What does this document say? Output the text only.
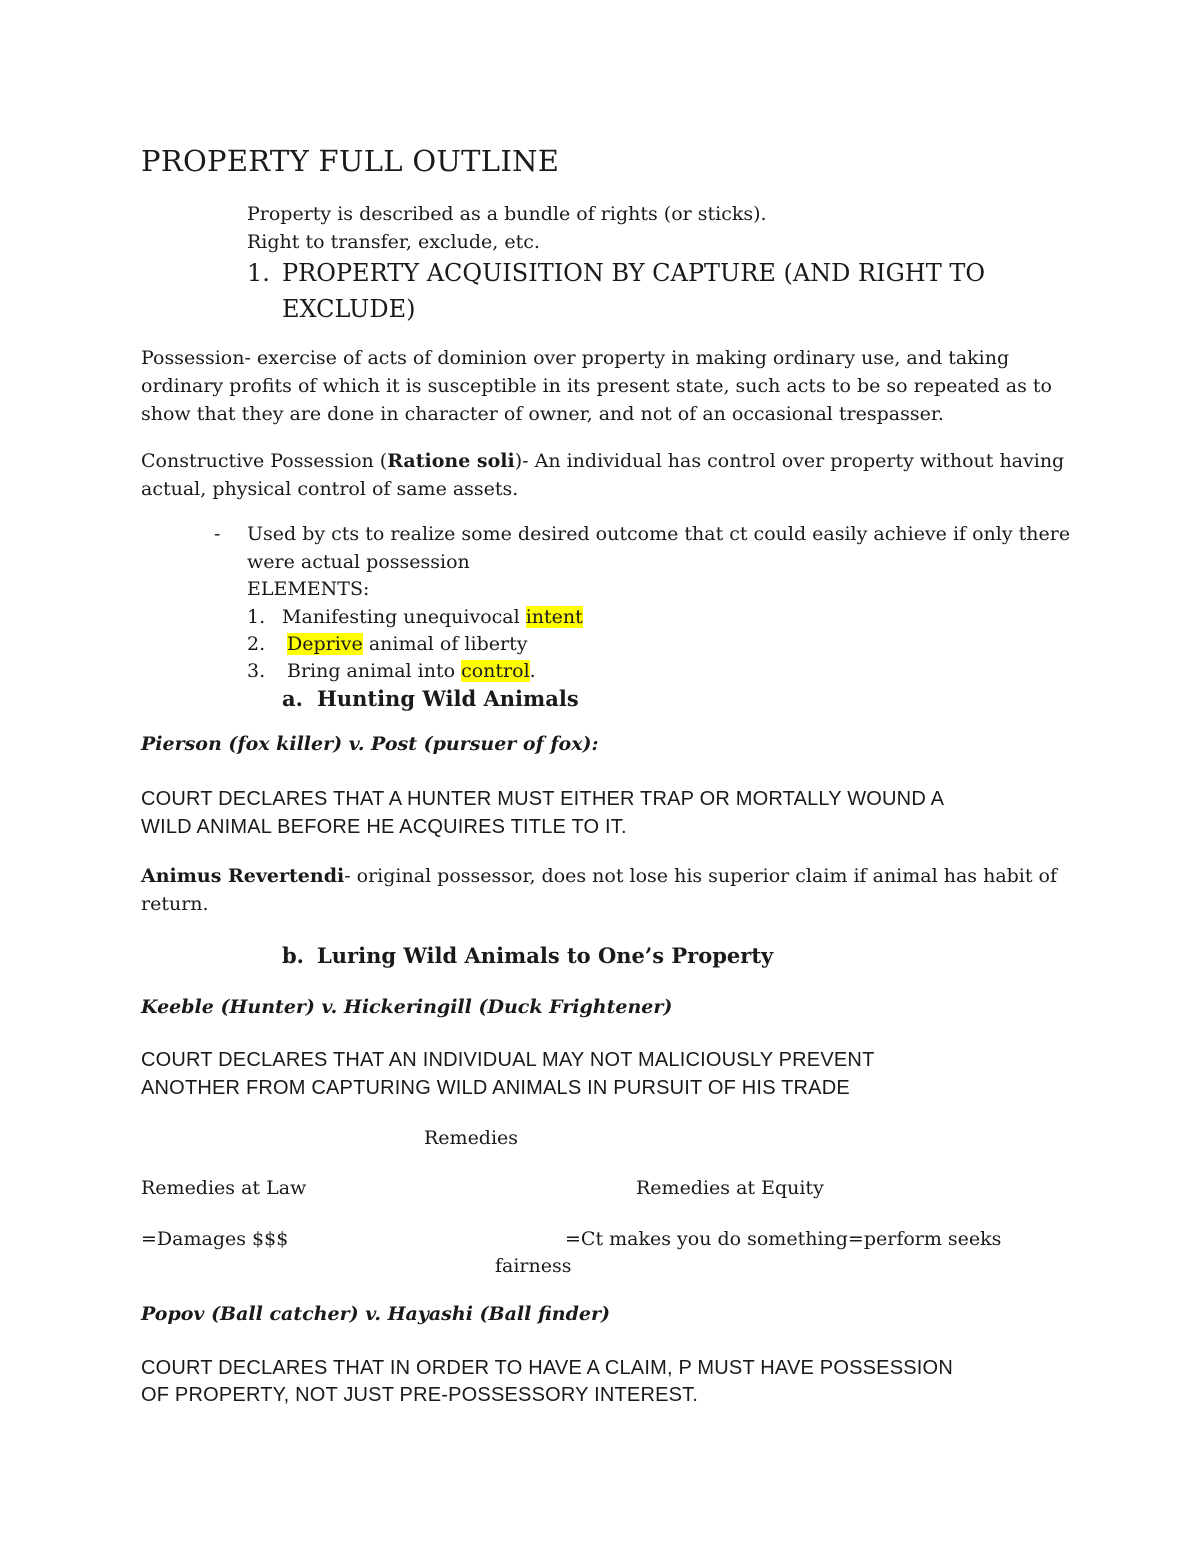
PROPERTY FULL OUTLINE
Property is described as a bundle of rights (or sticks).
Right to transfer, exclude, etc.
1. PROPERTY ACQUISITION BY CAPTURE (AND RIGHT TO
EXCLUDE)
Possession- exercise of acts of dominion over property in making ordinary use, and taking
ordinary profits of which it is susceptible in its present state, such acts to be so repeated as to
show that they are done in character of owner, and not of an occasional trespasser.
Constructive Possession (Ratione soli)- An individual has control over property without having
actual, physical control of same assets.
- Used by cts to realize some desired outcome that ct could easily achieve if only there
were actual possession
ELEMENTS:
1. Manifesting unequivocal intent
2. Deprive animal of liberty
3. Bring animal into control.
a. Hunting Wild Animals
Pierson (fox killer) v. Post (pursuer of fox):
COURT DECLARES THAT A HUNTER MUST EITHER TRAP OR MORTALLY WOUND A
WILD ANIMAL BEFORE HE ACQUIRES TITLE TO IT.
Animus Revertendi- original possessor, does not lose his superior claim if animal has habit of
return.
b. Luring Wild Animals to One’s Property
Keeble (Hunter) v. Hickeringill (Duck Frightener)
COURT DECLARES THAT AN INDIVIDUAL MAY NOT MALICIOUSLY PREVENT
ANOTHER FROM CAPTURING WILD ANIMALS IN PURSUIT OF HIS TRADE
Remedies
Remedies at Law	Remedies at Equity
=Damages $$$	=Ct makes you do something=perform seeks
fairness
Popov (Ball catcher) v. Hayashi (Ball finder)
COURT DECLARES THAT IN ORDER TO HAVE A CLAIM, P MUST HAVE POSSESSION
OF PROPERTY, NOT JUST PRE-POSSESSORY INTEREST.
